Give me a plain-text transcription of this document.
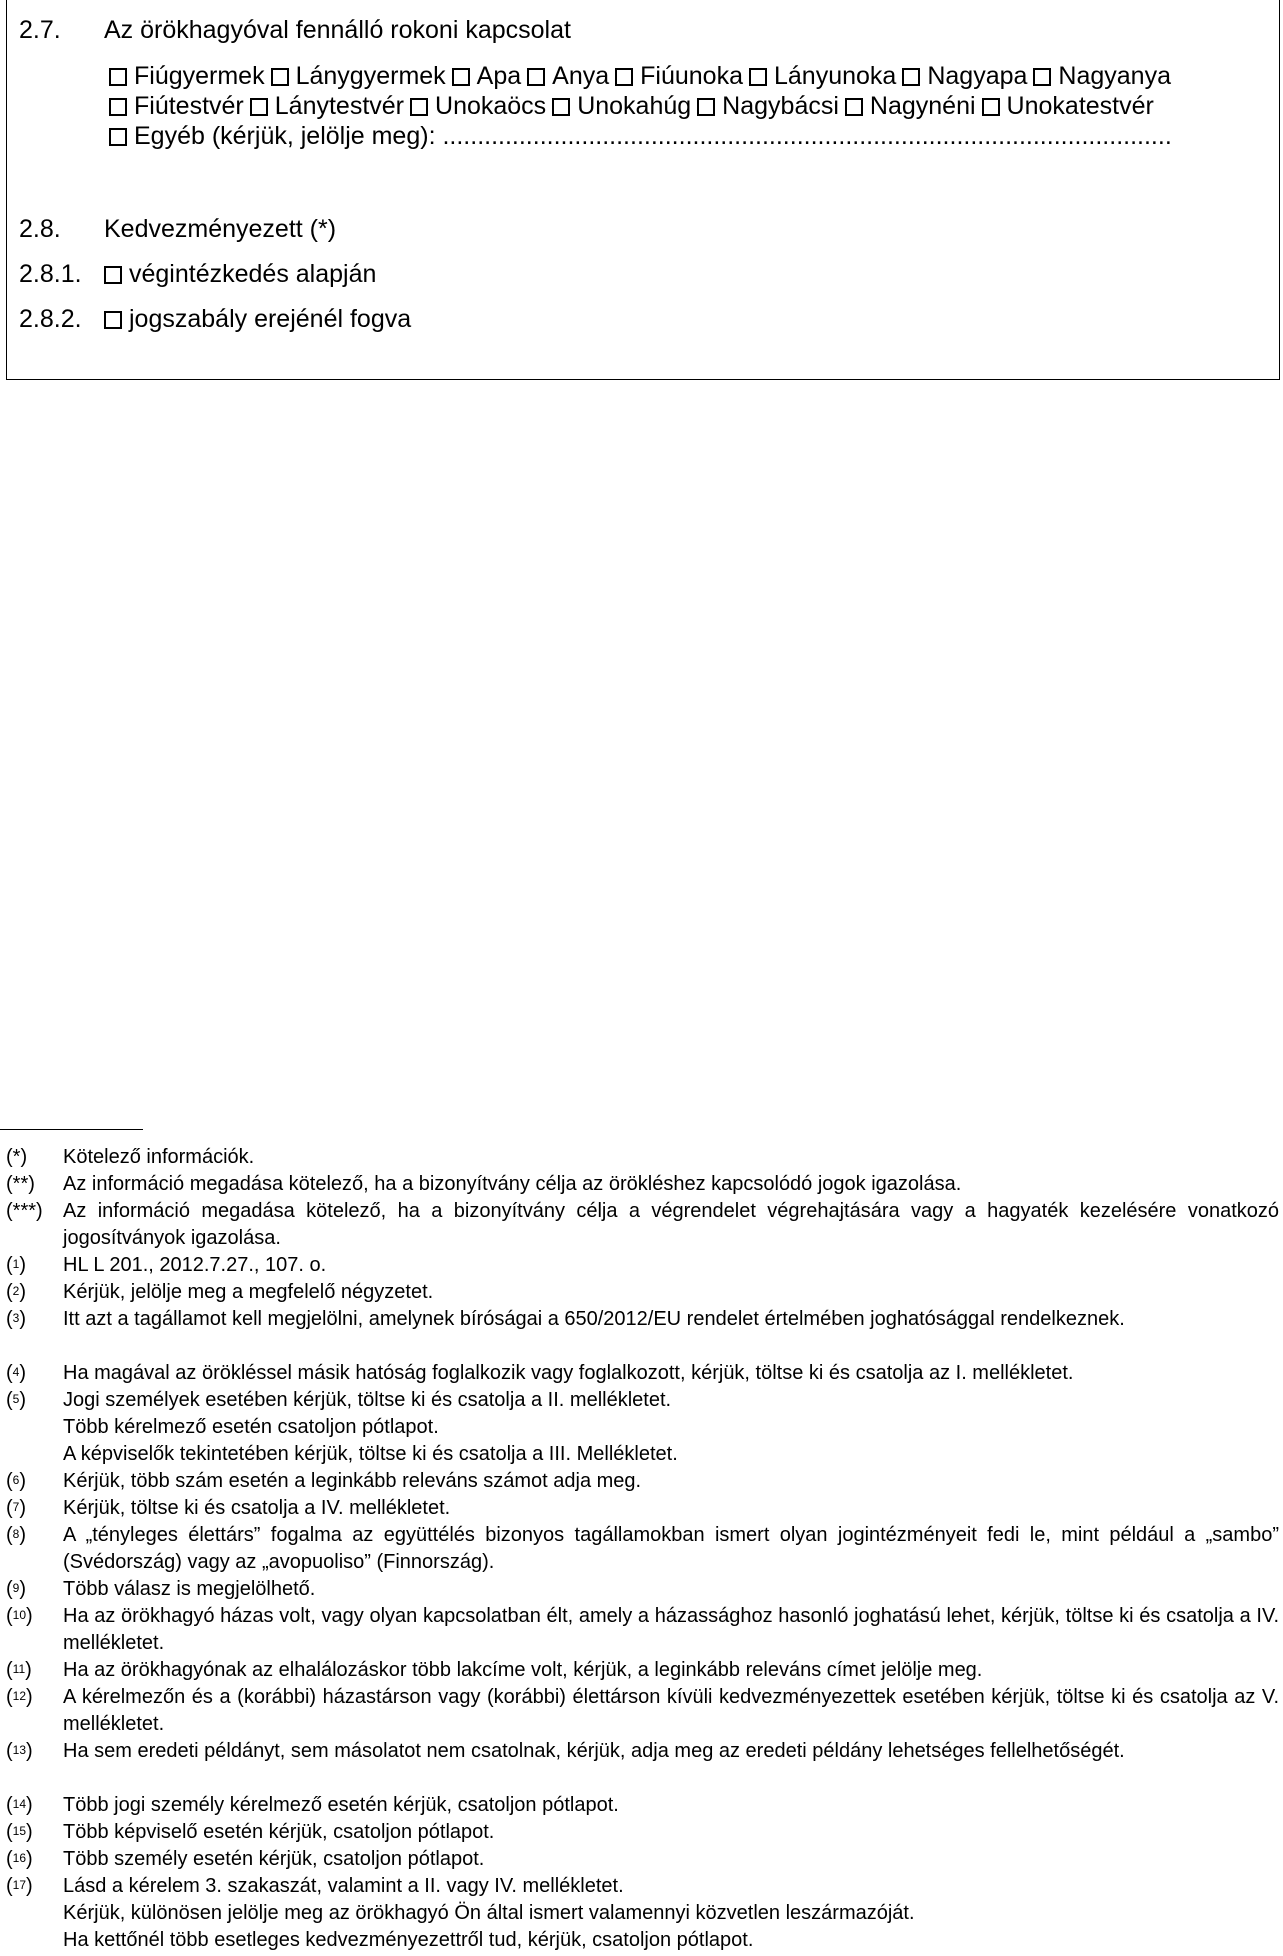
2.7. Az örökhagyóval fennálló rokoni kapcsolat
Fiúgyermek Lánygyermek Apa Anya Fiúunoka Lányunoka Nagyapa Nagyanya
Fiútestvér Lánytestvér Unokaöcs Unokahúg Nagybácsi Nagynéni Unokatestvér
Egyéb (kérjük, jelölje meg): .........................................................................................................
2.8. Kedvezményezett (*)
2.8.1.	végintézkedés alapján
2.8.2.	jogszabály erejénél fogva
(*)	Kötelező információk.
(**)	Az információ megadása kötelező, ha a bizonyítvány célja az örökléshez kapcsolódó jogok igazolása.
(***)	Az információ megadása kötelező, ha a bizonyítvány célja a végrendelet végrehajtására vagy a hagyaték kezelésére vonatkozó jogosítványok igazolása.
($^1$)	HL L 201., 2012.7.27., 107. o.
($^2$)	Kérjük, jelölje meg a megfelelő négyzetet.
($^3$)	Itt azt a tagállamot kell megjelölni, amelynek bíróságai a 650/2012/EU rendelet értelmében joghatósággal rendelkeznek.
($^4$)	Ha magával az örökléssel másik hatóság foglalkozik vagy foglalkozott, kérjük, töltse ki és csatolja az I. mellékletet.
($^5$)	Jogi személyek esetében kérjük, töltse ki és csatolja a II. mellékletet.

Több kérelmező esetén csatoljon pótlapot.

A képviselők tekintetében kérjük, töltse ki és csatolja a III. Mellékletet.

($^6$)	Kérjük, több szám esetén a leginkább releváns számot adja meg.
($^7$)	Kérjük, töltse ki és csatolja a IV. mellékletet.
($^8$)	A „tényleges élettárs” fogalma az együttélés bizonyos tagállamokban ismert olyan jogintézményeit fedi le, mint például a „sambo” (Svédország) vagy az „avopuoliso” (Finnország).
($^9$)	Több válasz is megjelölhető.
($^{10}$)	Ha az örökhagyó házas volt, vagy olyan kapcsolatban élt, amely a házassághoz hasonló joghatású lehet, kérjük, töltse ki és csatolja a IV. mellékletet.
($^{11}$)	Ha az örökhagyónak az elhalálozáskor több lakcíme volt, kérjük, a leginkább releváns címet jelölje meg.
($^{12}$)	A kérelmezőn és a (korábbi) házastárson vagy (korábbi) élettárson kívüli kedvezményezettek esetében kérjük, töltse ki és csatolja az V. mellékletet.
($^{13}$)	Ha sem eredeti példányt, sem másolatot nem csatolnak, kérjük, adja meg az eredeti példány lehetséges fellelhetőségét.
($^{14}$)	Több jogi személy kérelmező esetén kérjük, csatoljon pótlapot.
($^{15}$)	Több képviselő esetén kérjük, csatoljon pótlapot.
($^{16}$)	Több személy esetén kérjük, csatoljon pótlapot.
($^{17}$)	Lásd a kérelem 3. szakaszát, valamint a II. vagy IV. mellékletet.

Kérjük, különösen jelölje meg az örökhagyó Ön által ismert valamennyi közvetlen leszármazóját.

Ha kettőnél több esetleges kedvezményezettről tud, kérjük, csatoljon pótlapot.
